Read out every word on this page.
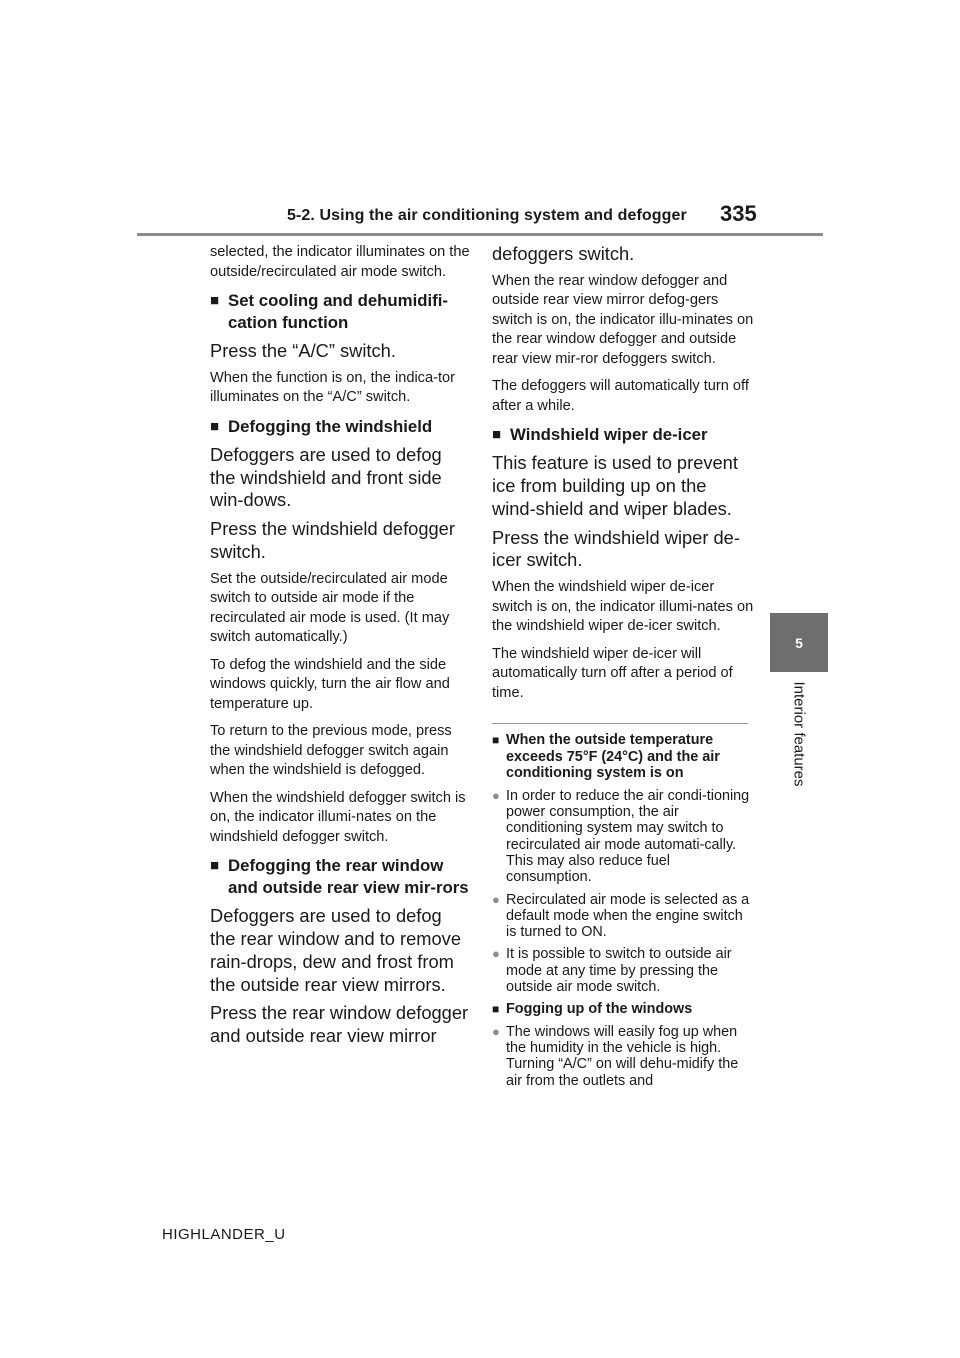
5-2. Using the air conditioning system and defogger 335
5
Interior features

selected, the indicator illuminates on the outside/recirculated air mode switch.

■ Set cooling and dehumidifi-cation function

Press the “A/C” switch.

When the function is on, the indica-tor illuminates on the “A/C” switch.

■ Defogging the windshield

Defoggers are used to defog the windshield and front side win-dows.

Press the windshield defogger switch.

Set the outside/recirculated air mode switch to outside air mode if the recirculated air mode is used. (It may switch automatically.)

To defog the windshield and the side windows quickly, turn the air flow and temperature up.

To return to the previous mode, press the windshield defogger switch again when the windshield is defogged.

When the windshield defogger switch is on, the indicator illumi-nates on the windshield defogger switch.

■ Defogging the rear window and outside rear view mir-rors

Defoggers are used to defog the rear window and to remove rain-drops, dew and frost from the outside rear view mirrors.

Press the rear window defogger and outside rear view mirror

defoggers switch.

When the rear window defogger and outside rear view mirror defog-gers switch is on, the indicator illu-minates on the rear window defogger and outside rear view mir-ror defoggers switch.

The defoggers will automatically turn off after a while.

■ Windshield wiper de-icer

This feature is used to prevent ice from building up on the wind-shield and wiper blades.

Press the windshield wiper de-icer switch.

When the windshield wiper de-icer switch is on, the indicator illumi-nates on the windshield wiper de-icer switch.

The windshield wiper de-icer will automatically turn off after a period of time.

■ When the outside temperature exceeds 75°F (24°C) and the air conditioning system is on
● In order to reduce the air condi-tioning power consumption, the air conditioning system may switch to recirculated air mode automati-cally. This may also reduce fuel consumption.
● Recirculated air mode is selected as a default mode when the engine switch is turned to ON.
● It is possible to switch to outside air mode at any time by pressing the outside air mode switch.
■ Fogging up of the windows
● The windows will easily fog up when the humidity in the vehicle is high. Turning “A/C” on will dehu-midify the air from the outlets and
HIGHLANDER_U
